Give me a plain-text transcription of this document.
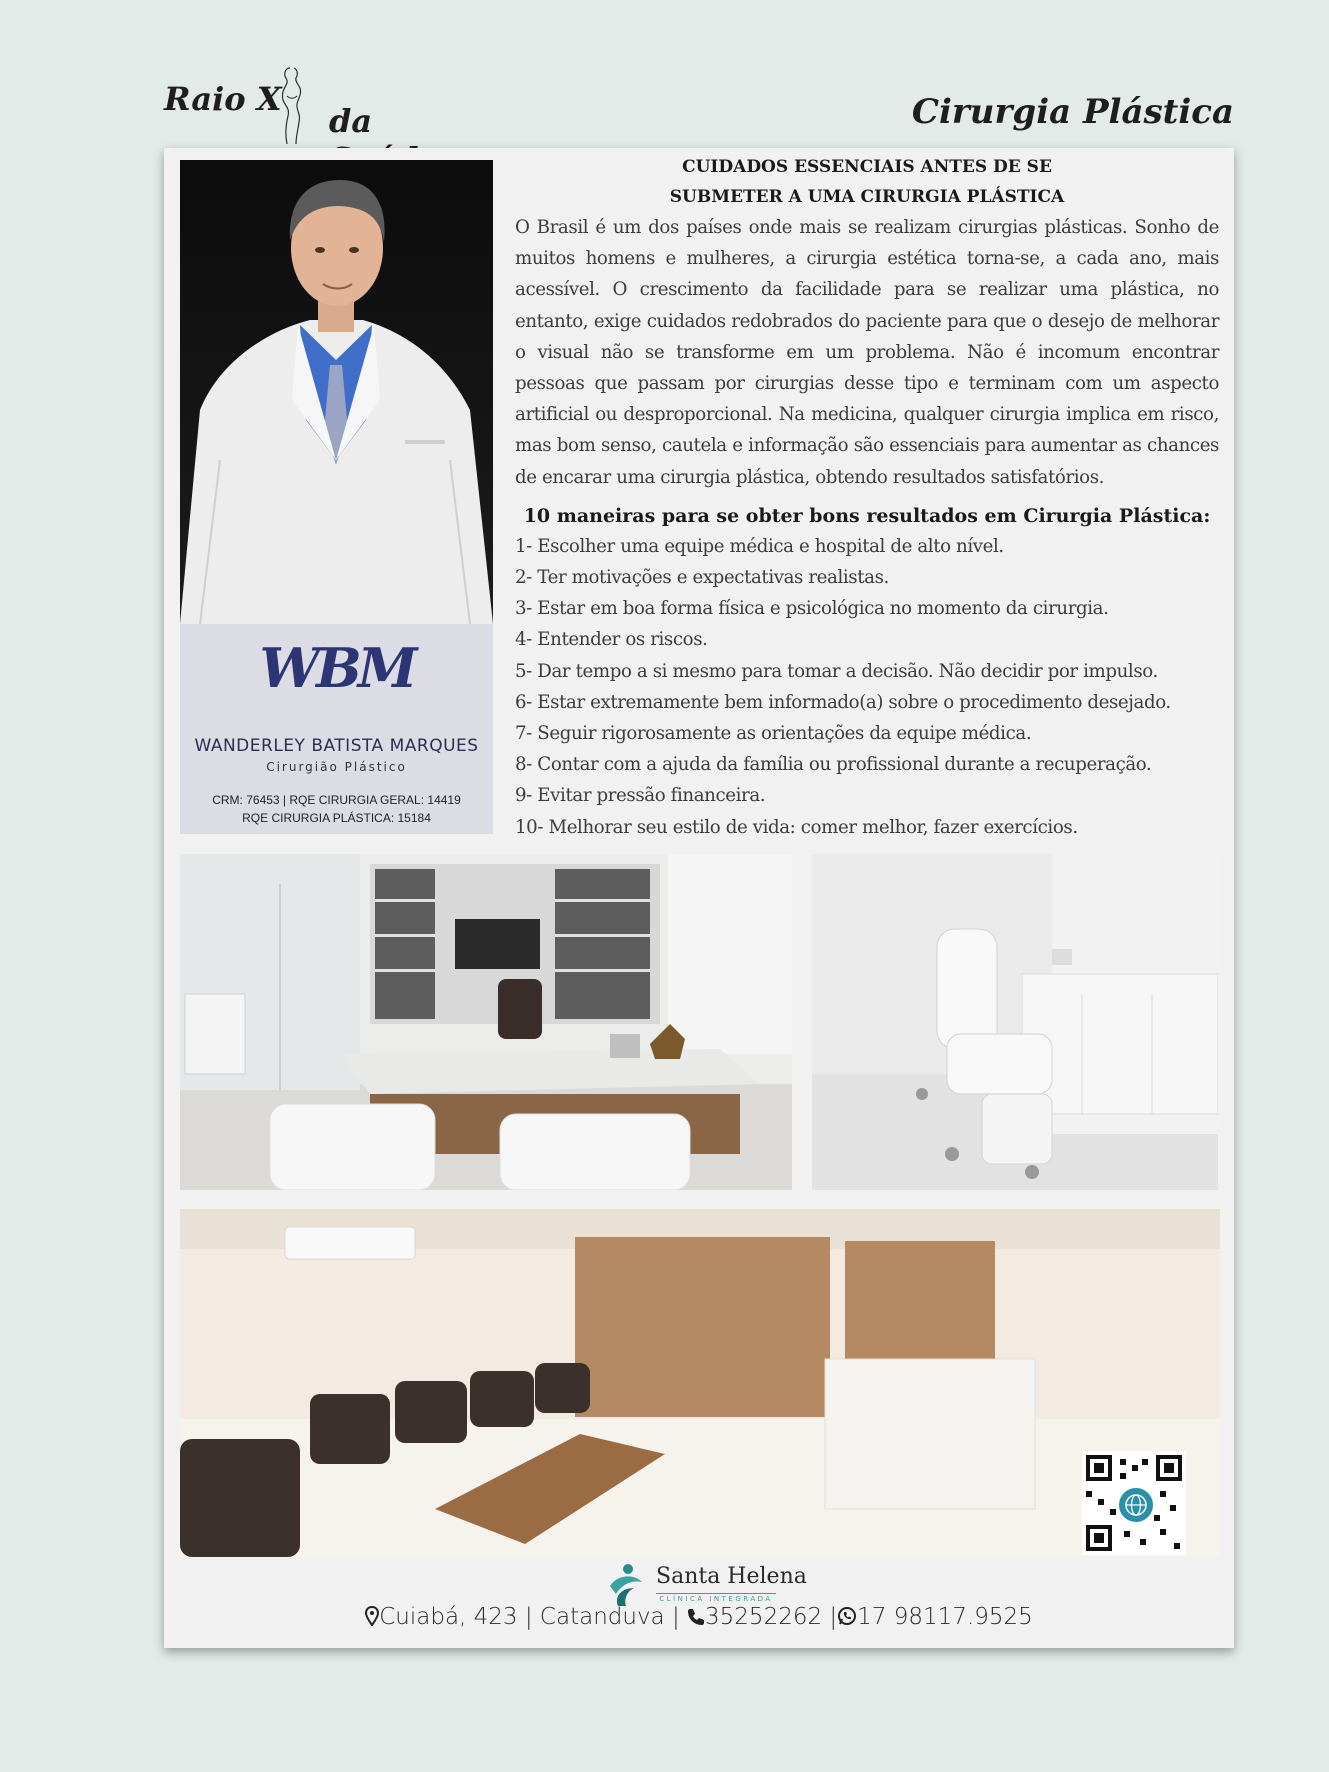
Raio X
da	Cirurgia Plástica
WBM
WANDERLEY BATISTA MARQUES
Cirurgião Plástico
CRM: 76453 | RQE CIRURGIA GERAL: 14419
RQE CIRURGIA PLÁSTICA: 15184
CUIDADOS ESSENCIAIS ANTES DE SE
SUBMETER A UMA CIRURGIA PLÁSTICA

O Brasil é um dos países onde mais se realizam cirurgias plásticas. Sonho de muitos homens e mulheres, a cirurgia estética torna-se, a cada ano, mais acessível. O crescimento da facilidade para se realizar uma plástica, no entanto, exige cuidados redobrados do paciente para que o desejo de melhorar o visual não se transforme em um problema. Não é incomum encontrar pessoas que passam por cirurgias desse tipo e terminam com um aspecto artificial ou desproporcional. Na medicina, qualquer cirurgia implica em risco, mas bom senso, cautela e informação são essenciais para aumentar as chances de encarar uma cirurgia plástica, obtendo resultados satisfatórios.

10 maneiras para se obter bons resultados em Cirurgia Plástica:
1- Escolher uma equipe médica e hospital de alto nível.
2- Ter motivações e expectativas realistas.
3- Estar em boa forma física e psicológica no momento da cirurgia.
4- Entender os riscos.
5- Dar tempo a si mesmo para tomar a decisão. Não decidir por impulso.
6- Estar extremamente bem informado(a) sobre o procedimento desejado.
7- Seguir rigorosamente as orientações da equipe médica.
8- Contar com a ajuda da família ou profissional durante a recuperação.
9- Evitar pressão financeira.
10- Melhorar seu estilo de vida: comer melhor, fazer exercícios.
Santa Helena
CLÍNICA INTEGRADA
Cuiabá, 423 | Catanduva | 35252262 | 17 98117.9525
